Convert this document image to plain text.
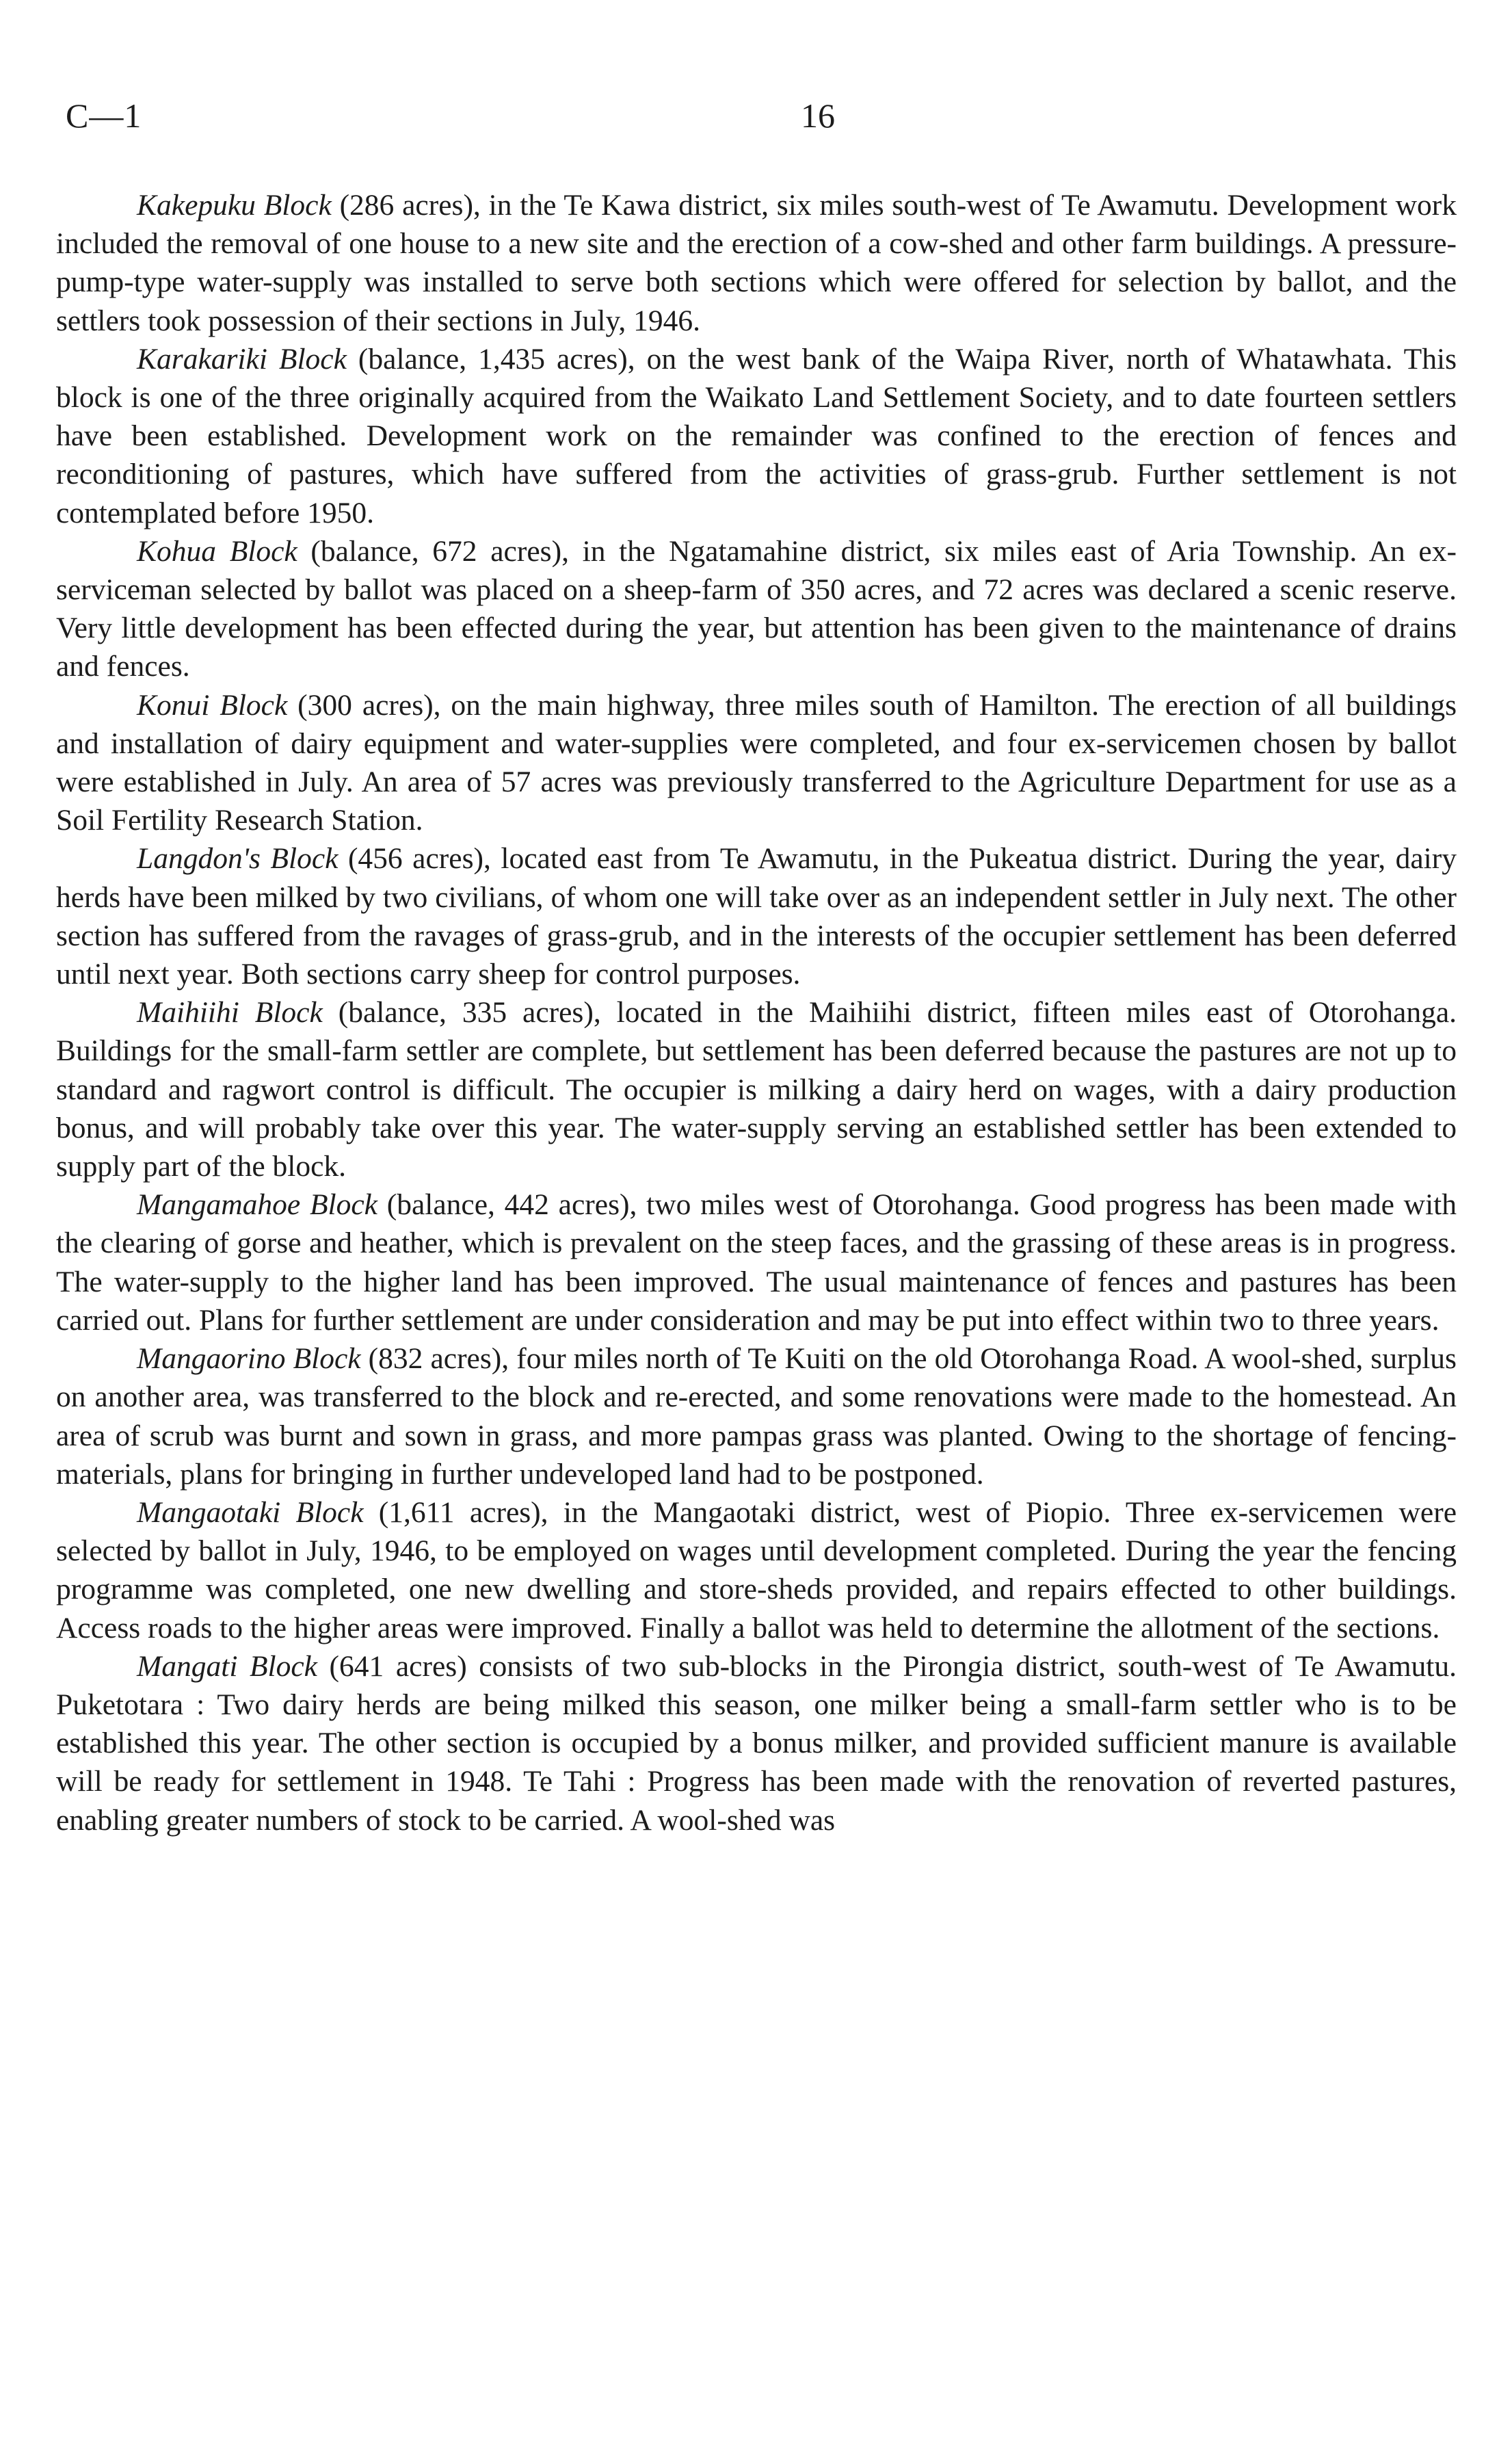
C—1	16

Kakepuku Block (286 acres), in the Te Kawa district, six miles south-west of Te Awamutu. Development work included the removal of one house to a new site and the erection of a cow-shed and other farm buildings. A pressure-pump-type water-supply was installed to serve both sections which were offered for selection by ballot, and the settlers took possession of their sections in July, 1946.

Karakariki Block (balance, 1,435 acres), on the west bank of the Waipa River, north of Whatawhata. This block is one of the three originally acquired from the Waikato Land Settlement Society, and to date fourteen settlers have been established. Development work on the remainder was confined to the erection of fences and reconditioning of pastures, which have suffered from the activities of grass-grub. Further settlement is not contemplated before 1950.

Kohua Block (balance, 672 acres), in the Ngatamahine district, six miles east of Aria Township. An ex-serviceman selected by ballot was placed on a sheep-farm of 350 acres, and 72 acres was declared a scenic reserve. Very little development has been effected during the year, but attention has been given to the maintenance of drains and fences.

Konui Block (300 acres), on the main highway, three miles south of Hamilton. The erection of all buildings and installation of dairy equipment and water-supplies were completed, and four ex-servicemen chosen by ballot were established in July. An area of 57 acres was previously transferred to the Agriculture Department for use as a Soil Fertility Research Station.

Langdon's Block (456 acres), located east from Te Awamutu, in the Pukeatua district. During the year, dairy herds have been milked by two civilians, of whom one will take over as an independent settler in July next. The other section has suffered from the ravages of grass-grub, and in the interests of the occupier settlement has been deferred until next year. Both sections carry sheep for control purposes.

Maihiihi Block (balance, 335 acres), located in the Maihiihi district, fifteen miles east of Otorohanga. Buildings for the small-farm settler are complete, but settlement has been deferred because the pastures are not up to standard and ragwort control is difficult. The occupier is milking a dairy herd on wages, with a dairy production bonus, and will probably take over this year. The water-supply serving an established settler has been extended to supply part of the block.

Mangamahoe Block (balance, 442 acres), two miles west of Otorohanga. Good progress has been made with the clearing of gorse and heather, which is prevalent on the steep faces, and the grassing of these areas is in progress. The water-supply to the higher land has been improved. The usual maintenance of fences and pastures has been carried out. Plans for further settlement are under consideration and may be put into effect within two to three years.

Mangaorino Block (832 acres), four miles north of Te Kuiti on the old Otorohanga Road. A wool-shed, surplus on another area, was transferred to the block and re-erected, and some renovations were made to the homestead. An area of scrub was burnt and sown in grass, and more pampas grass was planted. Owing to the shortage of fencing-materials, plans for bringing in further undeveloped land had to be postponed.

Mangaotaki Block (1,611 acres), in the Mangaotaki district, west of Piopio. Three ex-servicemen were selected by ballot in July, 1946, to be employed on wages until development completed. During the year the fencing programme was completed, one new dwelling and store-sheds provided, and repairs effected to other buildings. Access roads to the higher areas were improved. Finally a ballot was held to determine the allotment of the sections.

Mangati Block (641 acres) consists of two sub-blocks in the Pirongia district, south-west of Te Awamutu. Puketotara : Two dairy herds are being milked this season, one milker being a small-farm settler who is to be established this year. The other section is occupied by a bonus milker, and provided sufficient manure is available will be ready for settlement in 1948. Te Tahi : Progress has been made with the renovation of reverted pastures, enabling greater numbers of stock to be carried. A wool-shed was
